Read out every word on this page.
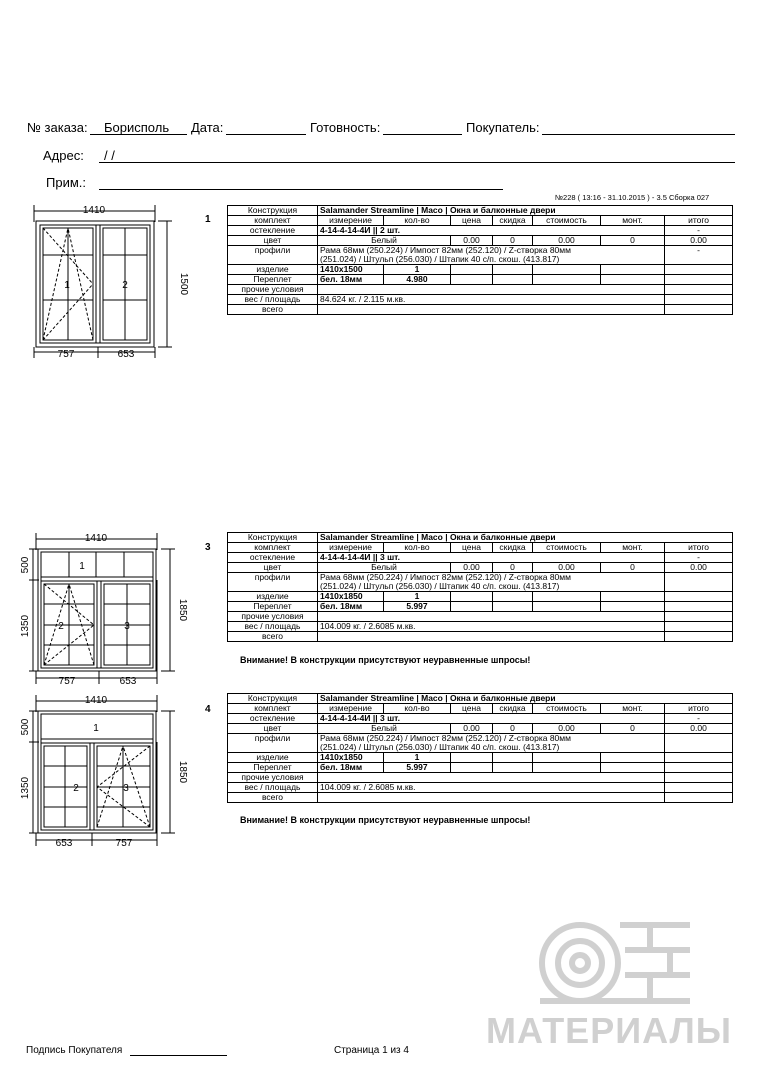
№ заказа: Борисполь Дата:	Готовность:	Покупатель:
Адрес: / /
Прим.:
№228 ( 13:16 - 31.10.2015 ) - 3.5 Сборка 027
1410
1500
757	653
1	2
1
Конструкция	Salamander Streamline | Maco | Окна и балконные двери						
комплект	измерение	кол-во	цена	скидка	стоимость	монт.	итого
остекление	4-14-4-14-4И || 2 шт.						-
цвет	Белый		0.00	0	0.00	0	0.00
профили	Рама 68мм (250.224) / Импост 82мм (252.120) / Z-створка 80мм						-
	(251.024) / Штульп (256.030) / Штапик 40 с/п. скош. (413.817)						
изделие	1410x1500	1					
Переплет	бел. 18мм	4.980					
прочие условия							
вес / площадь	84.624 кг. / 2.115 м.кв.						
всего							
1410
500
1350
1850
757	653
1
2	3
3
Конструкция	Salamander Streamline | Maco | Окна и балконные двери						
комплект	измерение	кол-во	цена	скидка	стоимость	монт.	итого
остекление	4-14-4-14-4И || 3 шт.						-
цвет	Белый		0.00	0	0.00	0	0.00
профили	Рама 68мм (250.224) / Импост 82мм (252.120) / Z-створка 80мм						
	(251.024) / Штульп (256.030) / Штапик 40 с/п. скош. (413.817)						
изделие	1410x1850	1					
Переплет	бел. 18мм	5.997					
прочие условия							
вес / площадь	104.009 кг. / 2.6085 м.кв.						
всего							
Внимание! В конструкции присутствуют неуравненные шпросы!
1410
500
1350
1850
653	757
1
2	3
4
Конструкция	Salamander Streamline | Maco | Окна и балконные двери						
комплект	измерение	кол-во	цена	скидка	стоимость	монт.	итого
остекление	4-14-4-14-4И || 3 шт.						-
цвет	Белый		0.00	0	0.00	0	0.00
профили	Рама 68мм (250.224) / Импост 82мм (252.120) / Z-створка 80мм						
	(251.024) / Штульп (256.030) / Штапик 40 с/п. скош. (413.817)						
изделие	1410x1850	1					
Переплет	бел. 18мм	5.997					
прочие условия							
вес / площадь	104.009 кг. / 2.6085 м.кв.						
всего							
Внимание! В конструкции присутствуют неуравненные шпросы!
МАТЕРИАЛЫ
Подпись Покупателя	Страница 1 из 4
